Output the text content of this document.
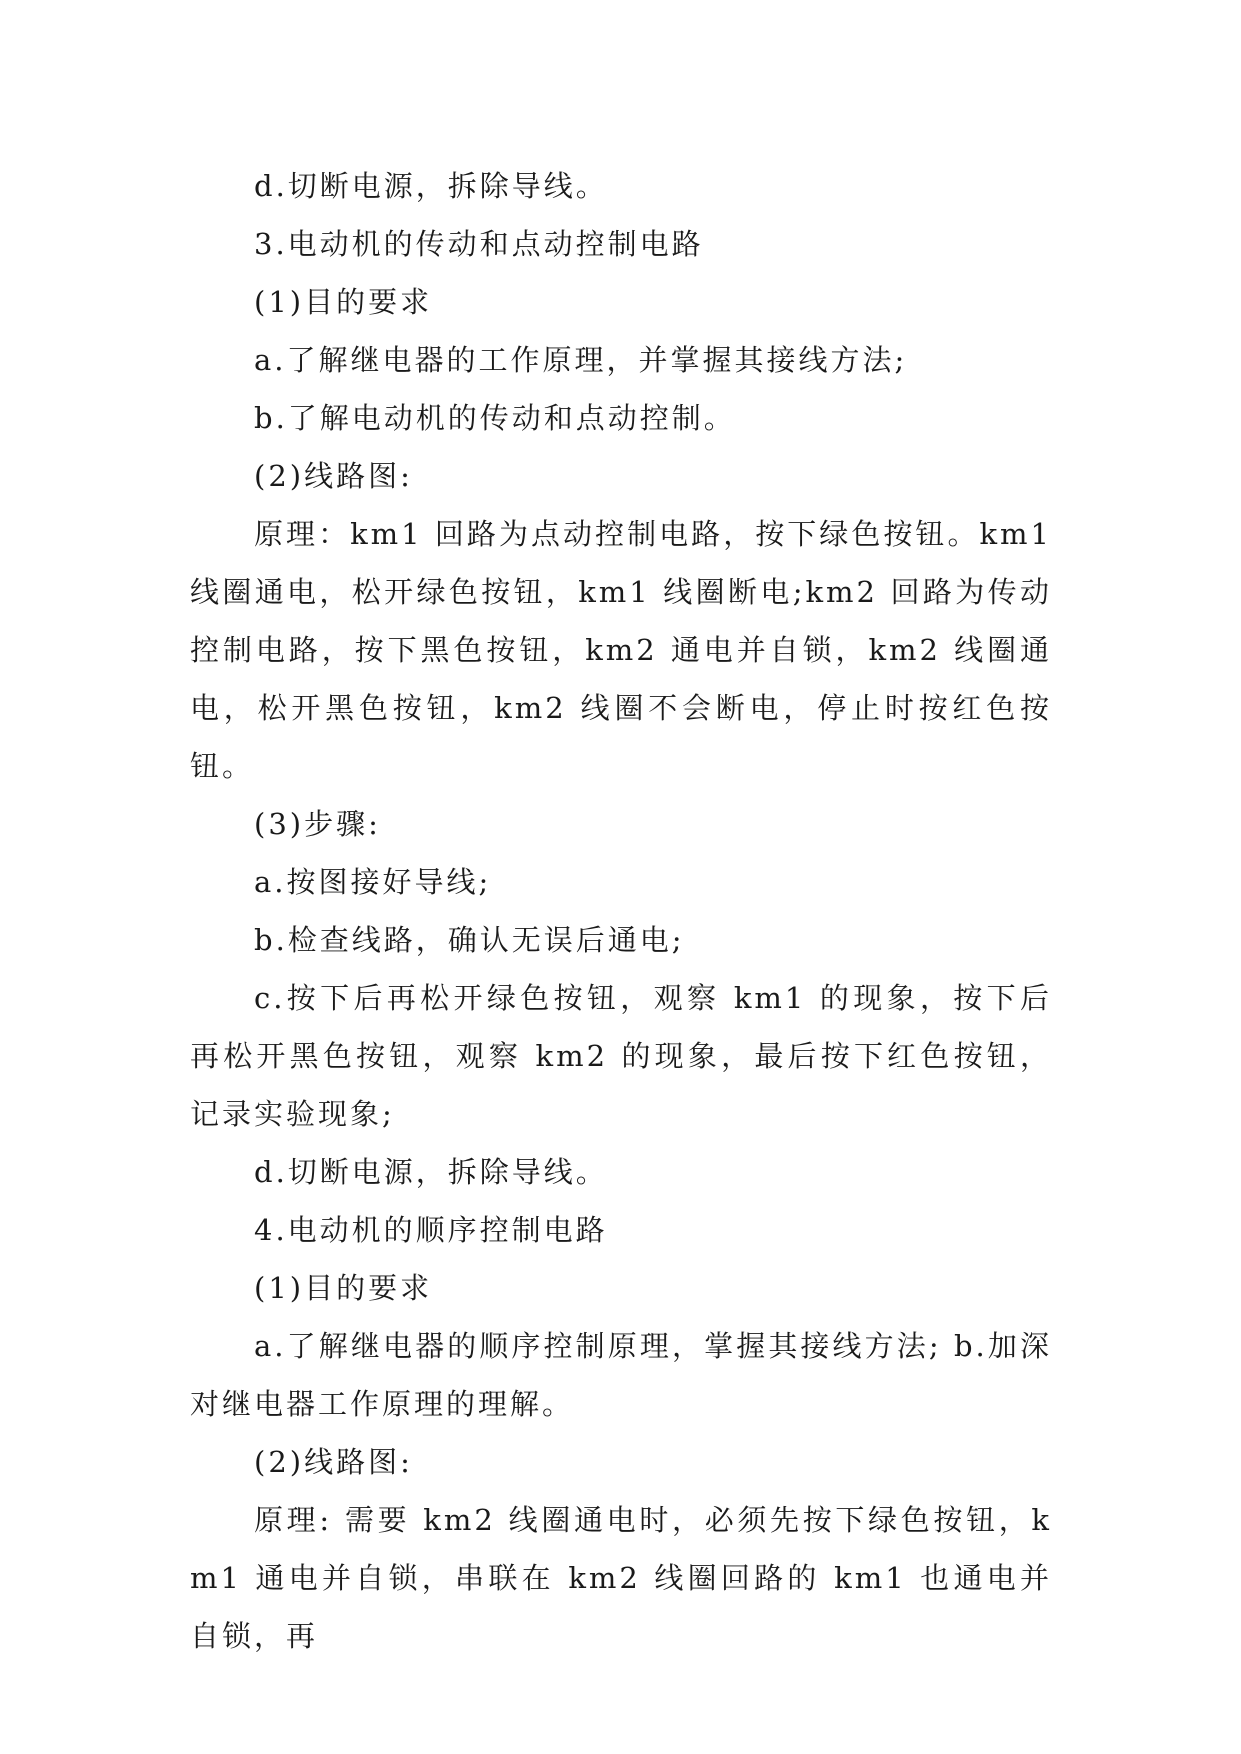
d.切断电源，拆除导线。

3.电动机的传动和点动控制电路

(1)目的要求

a.了解继电器的工作原理，并掌握其接线方法;

b.了解电动机的传动和点动控制。

(2)线路图:

原理：km1 回路为点动控制电路，按下绿色按钮。km1 线圈通电，松开绿色按钮，km1 线圈断电;km2 回路为传动控制电路，按下黑色按钮，km2 通电并自锁，km2 线圈通电，松开黑色按钮，km2 线圈不会断电，停止时按红色按钮。

(3)步骤:

a.按图接好导线;

b.检查线路，确认无误后通电;

c.按下后再松开绿色按钮，观察 km1 的现象，按下后再松开黑色按钮，观察 km2 的现象，最后按下红色按钮，记录实验现象;

d.切断电源，拆除导线。

4.电动机的顺序控制电路

(1)目的要求

a.了解继电器的顺序控制原理，掌握其接线方法; b.加深对继电器工作原理的理解。

(2)线路图:

原理: 需要 km2 线圈通电时，必须先按下绿色按钮，km1 通电并自锁，串联在 km2 线圈回路的 km1 也通电并自锁，再
